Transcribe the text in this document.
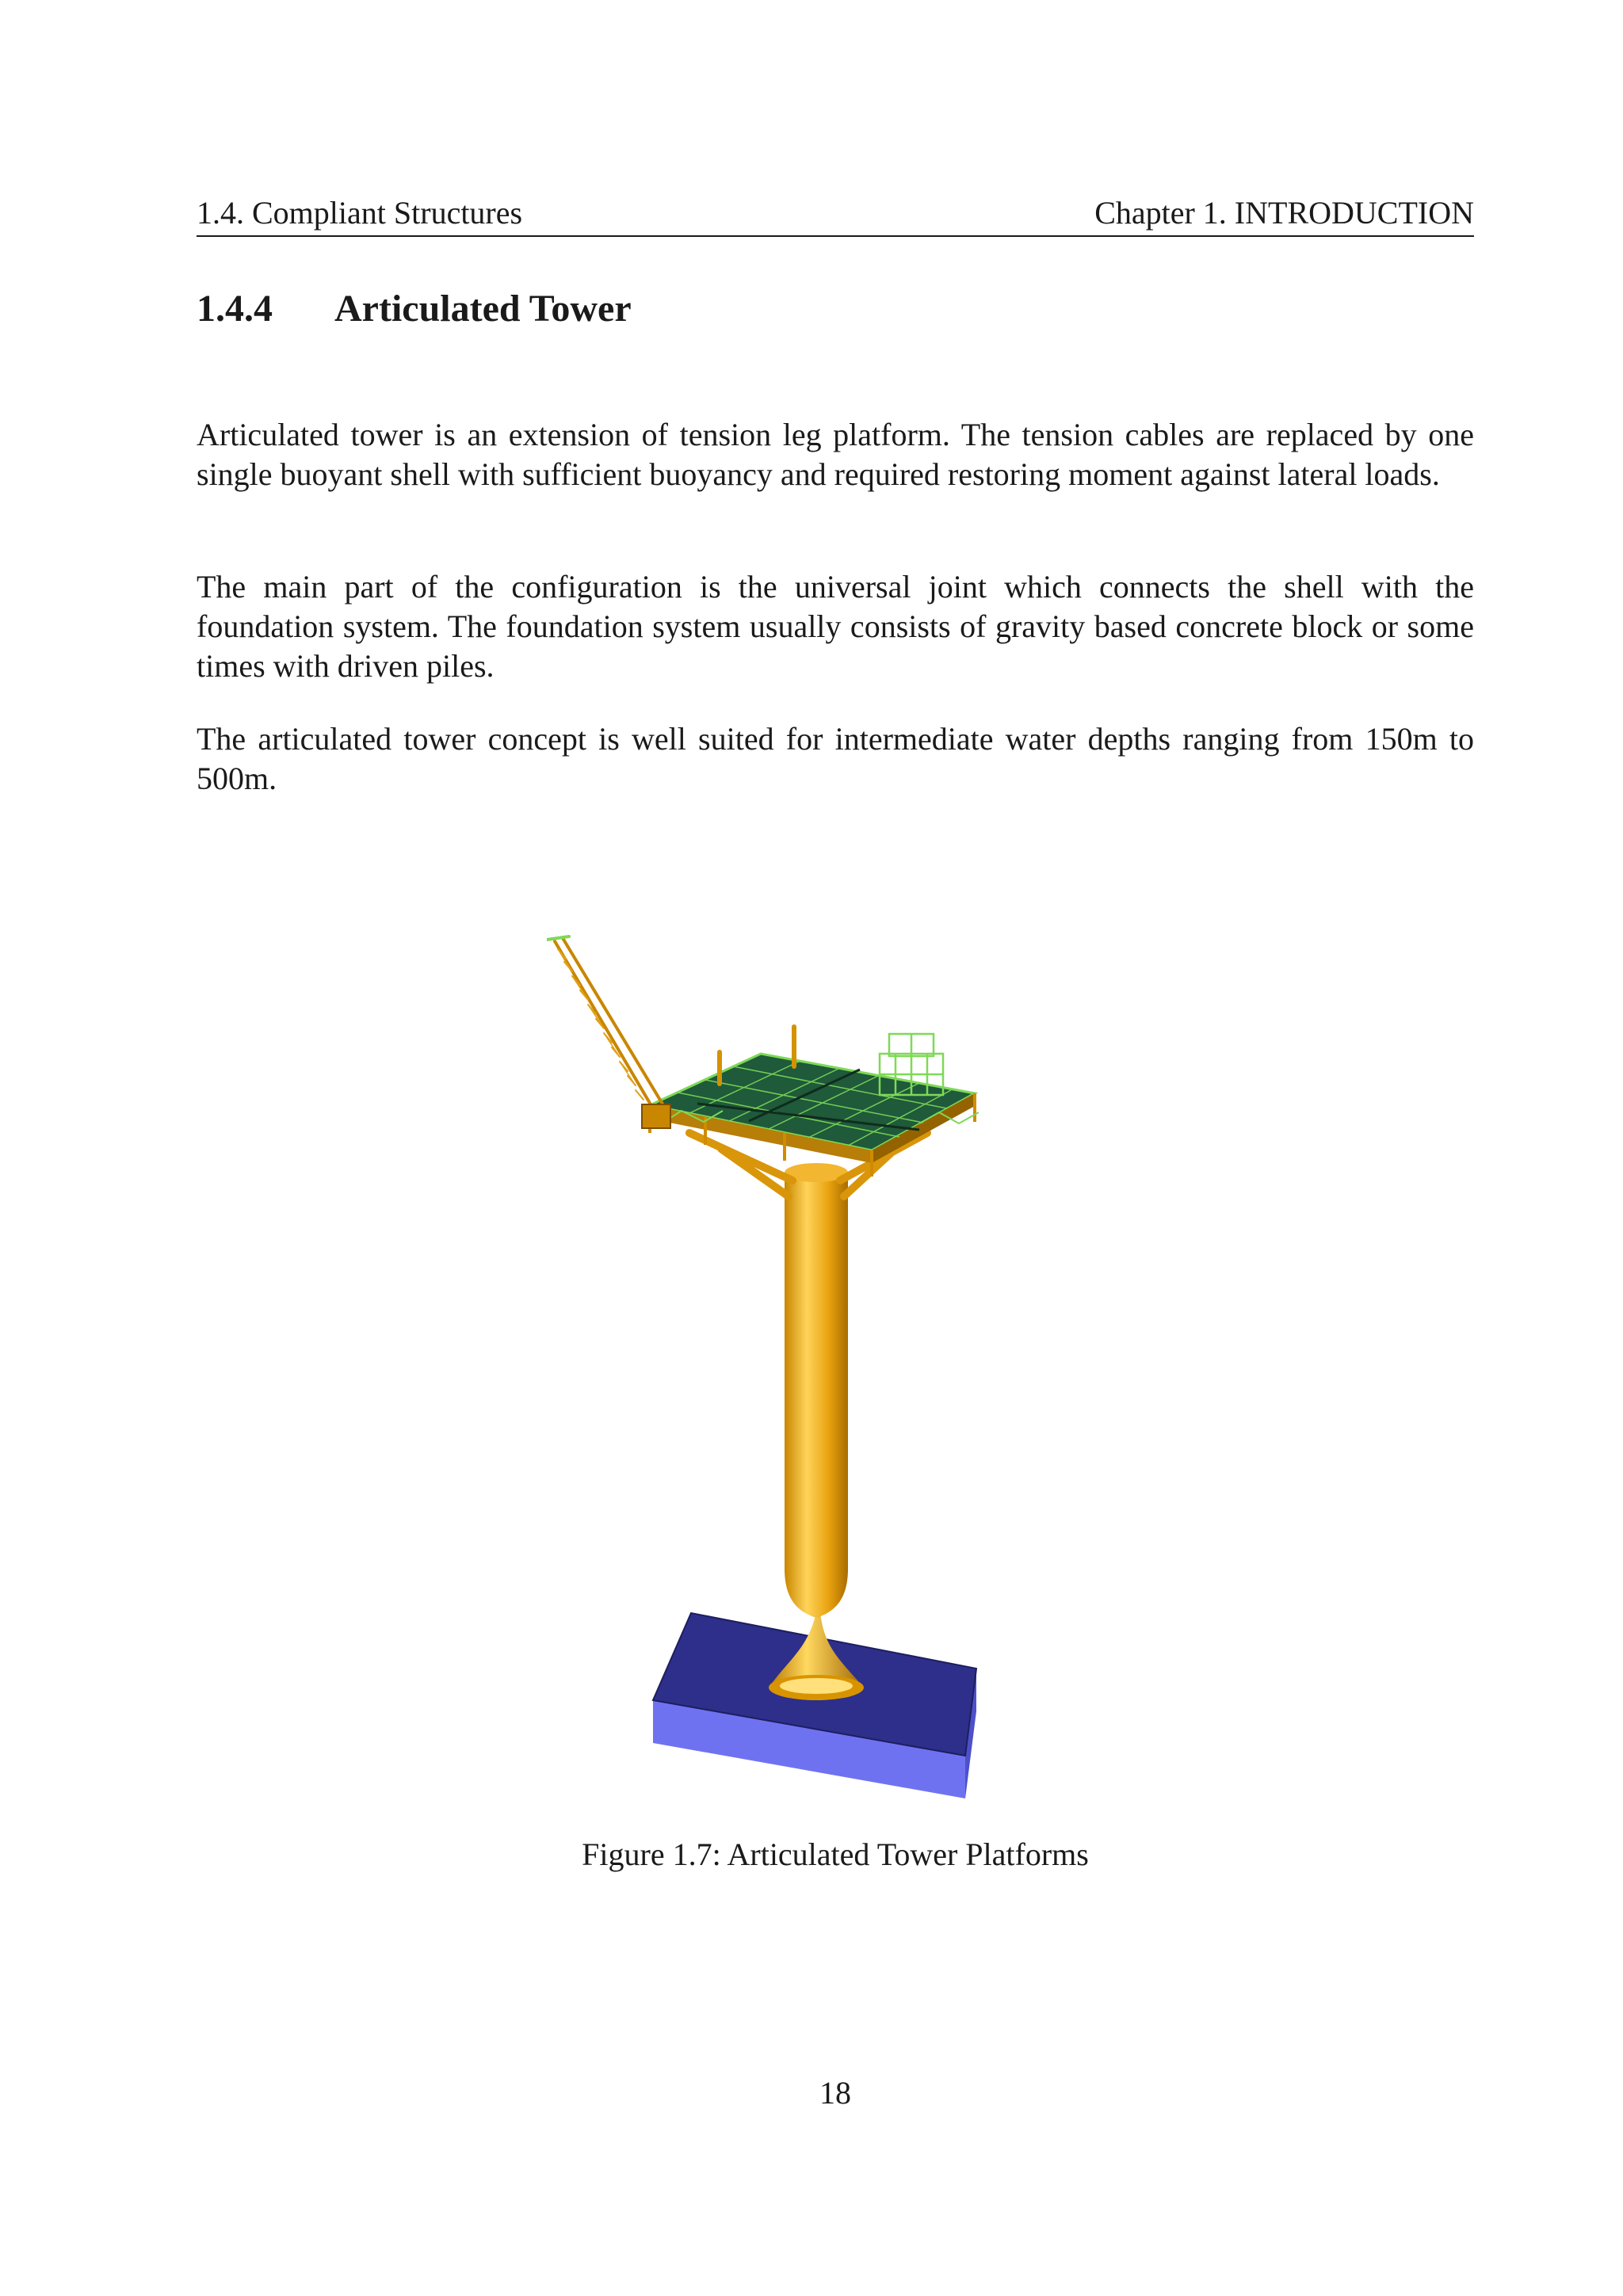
1.4. Compliant Structures	Chapter 1. INTRODUCTION
1.4.4 Articulated Tower

Articulated tower is an extension of tension leg platform. The tension cables are replaced by one single buoyant shell with sufficient buoyancy and required restoring moment against lateral loads.

The main part of the configuration is the universal joint which connects the shell with the foundation system. The foundation system usually consists of gravity based concrete block or some times with driven piles.

The articulated tower concept is well suited for intermediate water depths ranging from 150m to 500m.

Figure 1.7: Articulated Tower Platforms
18
